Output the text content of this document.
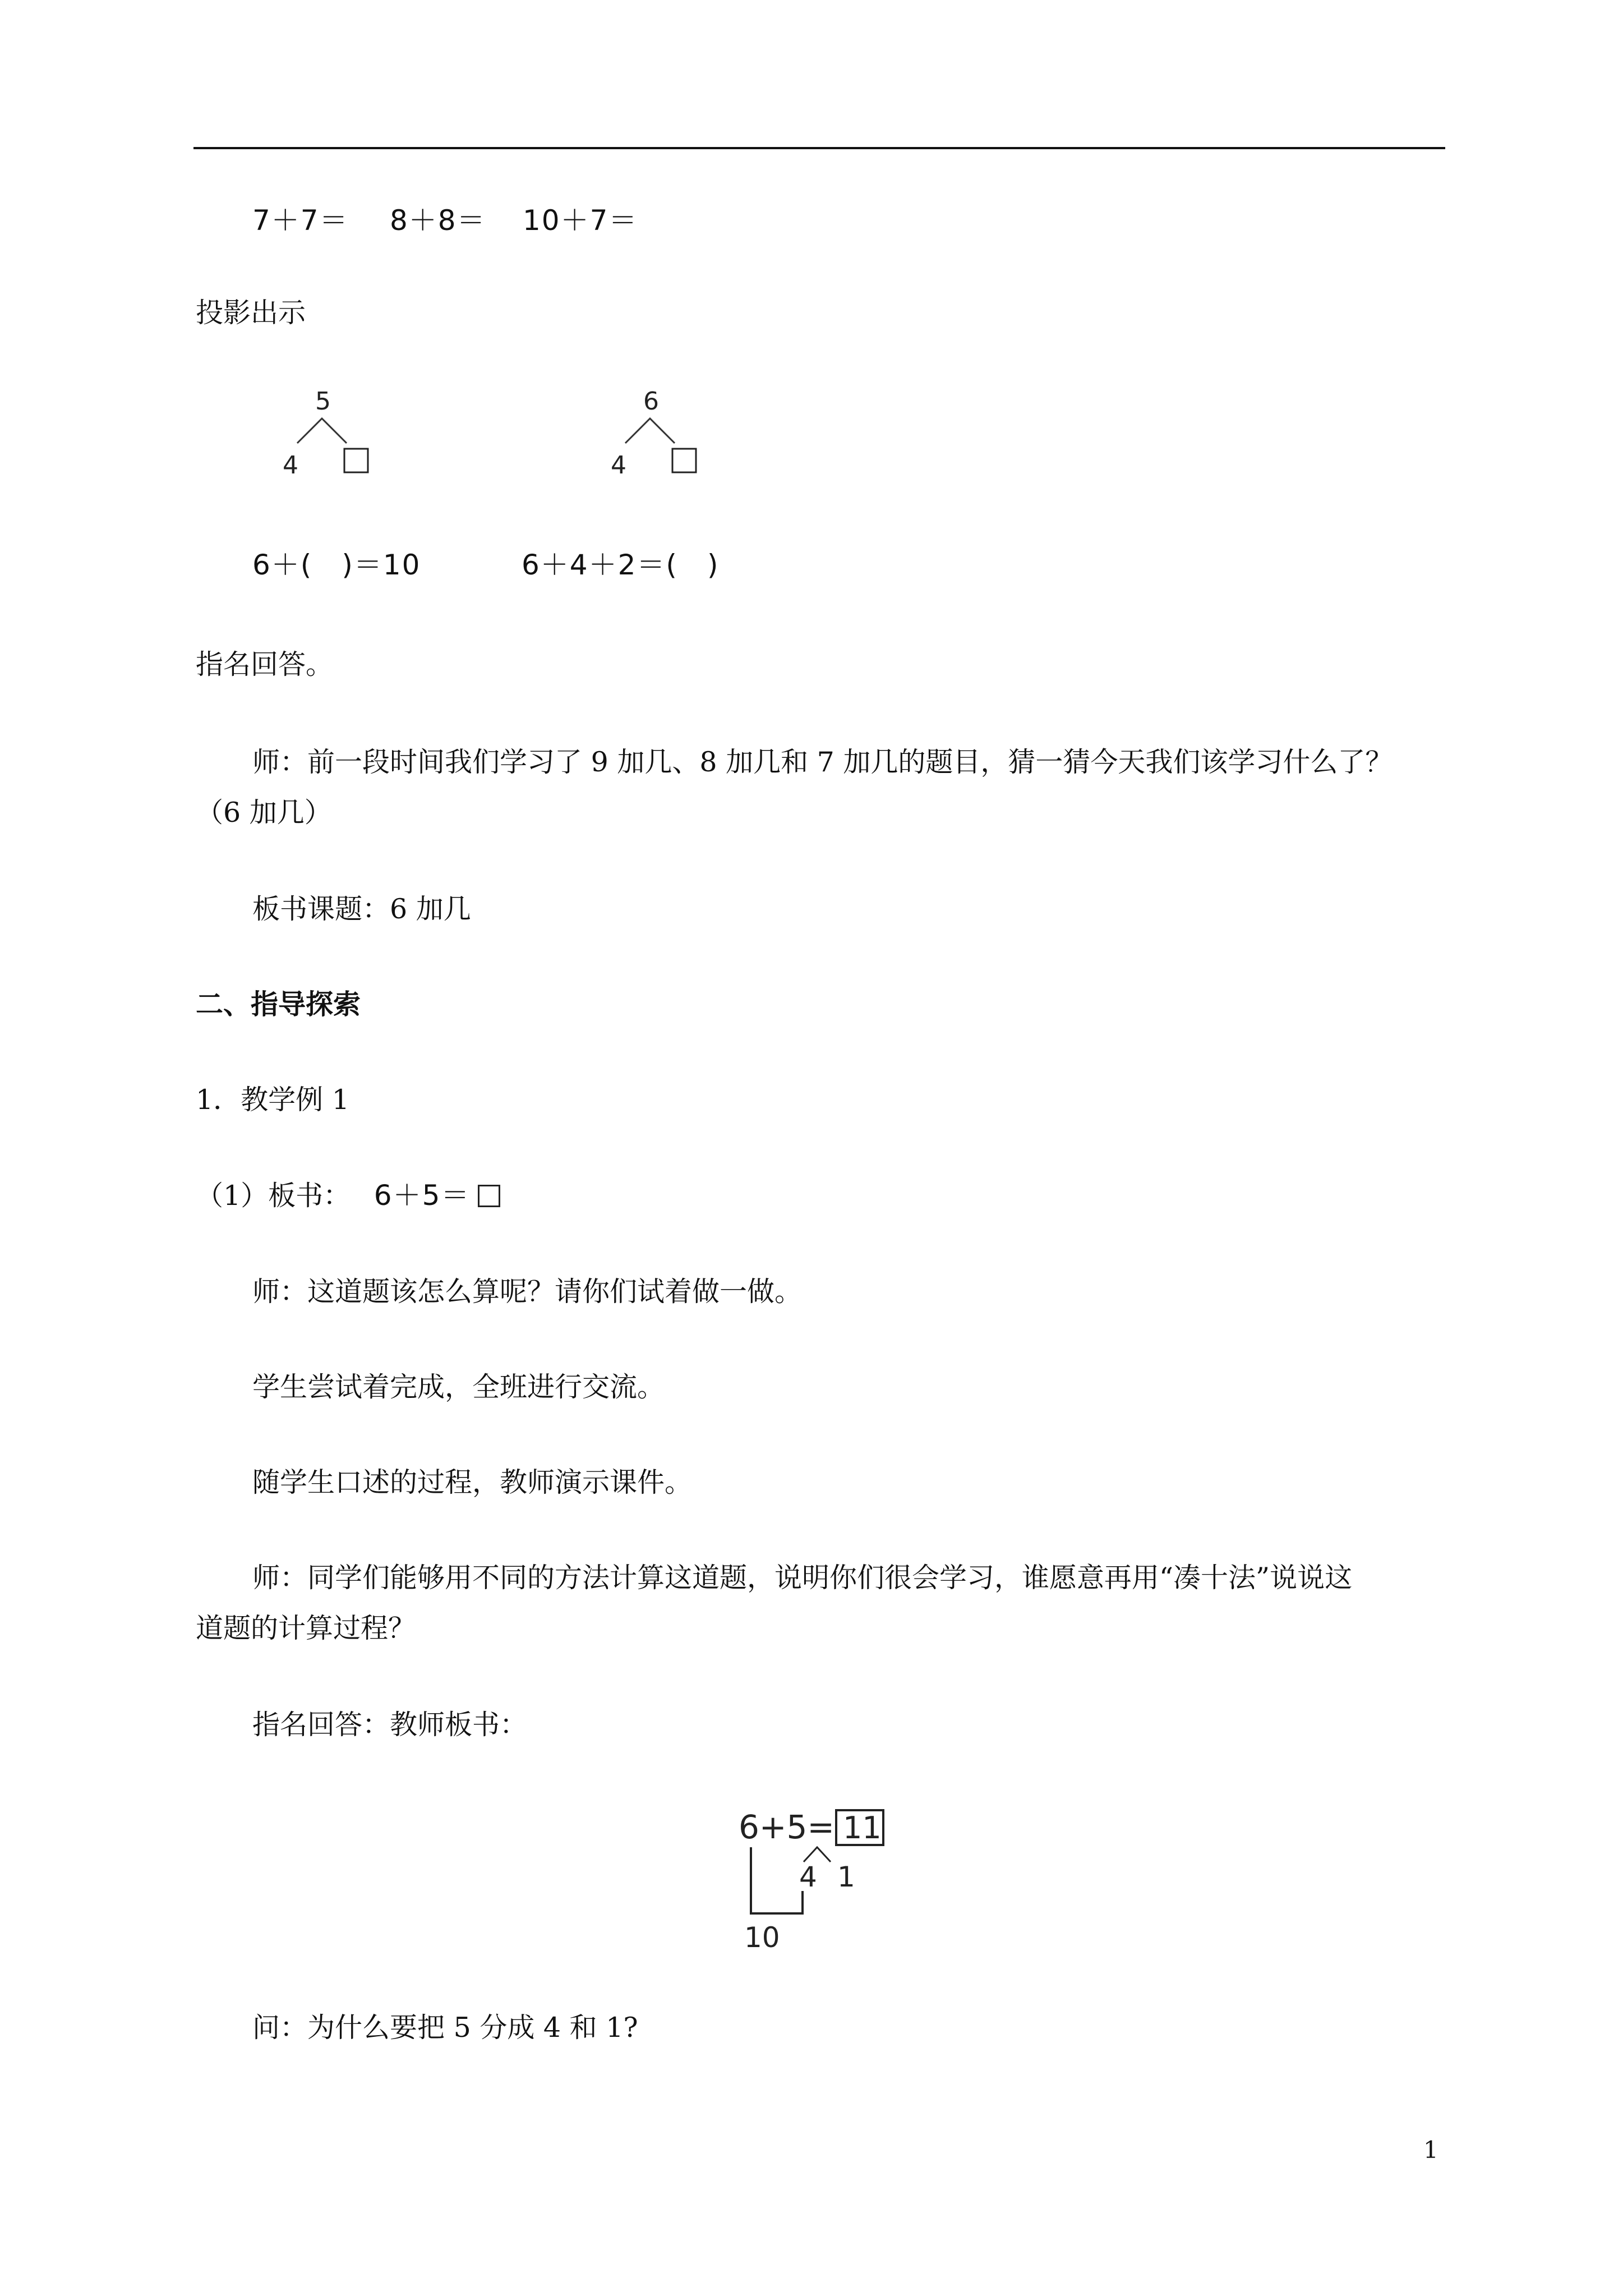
7＋7＝ 8＋8＝ 10＋7＝
投影出示
5
4
6
4
6＋( )＝10	6＋4＋2＝( )
指名回答。
师：前一段时间我们学习了 9 加几、8 加几和 7 加几的题目，猜一猜今天我们该学习什么了？
（6 加几）
板书课题：6 加几
二、指导探索
1．教学例 1
（1）板书： 6＋5＝
师：这道题该怎么算呢？请你们试着做一做。
学生尝试着完成，全班进行交流。
随学生口述的过程，教师演示课件。
师：同学们能够用不同的方法计算这道题，说明你们很会学习，谁愿意再用“凑十法”说说这
道题的计算过程？
指名回答：教师板书：
6+5= 11
4 1
10
问：为什么要把 5 分成 4 和 1?
1
